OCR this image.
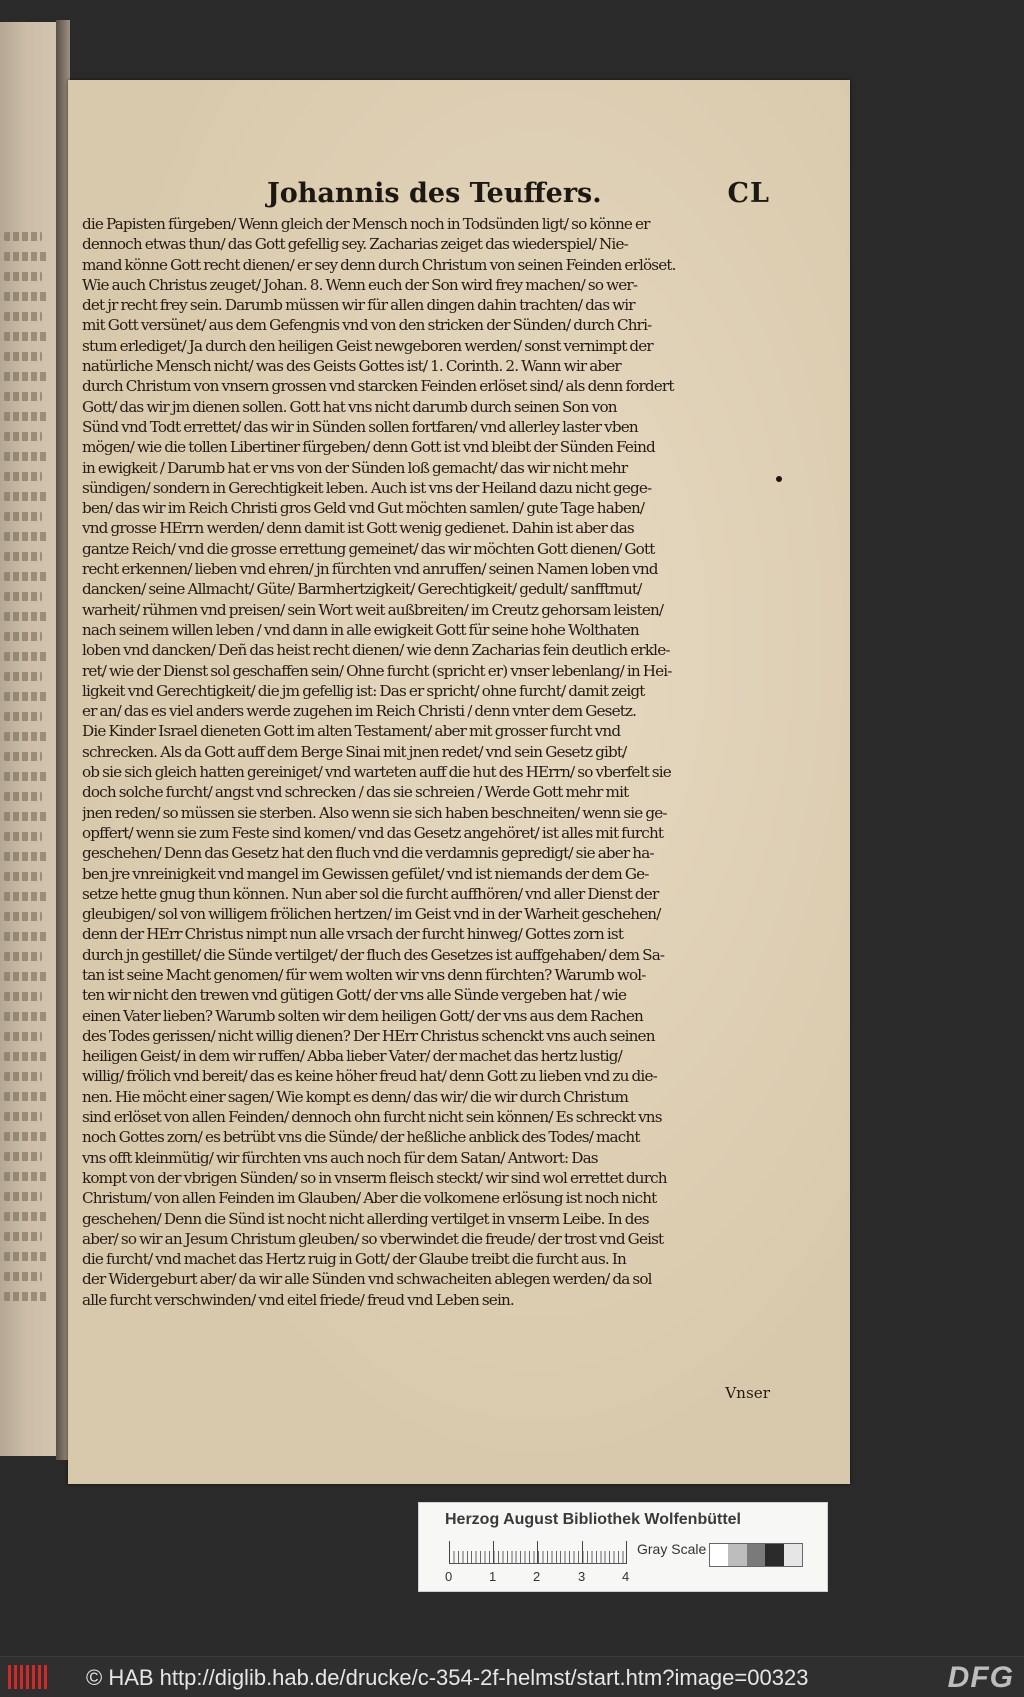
Johannis des Teuffers.	CL
die Papisten fürgeben/ Wenn gleich der Mensch noch in Todsünden ligt/ so könne er
dennoch etwas thun/ das Gott gefellig sey. Zacharias zeiget das wiederspiel/ Nie-
mand könne Gott recht dienen/ er sey denn durch Christum von seinen Feinden erlöset.
Wie auch Christus zeuget/ Johan. 8. Wenn euch der Son wird frey machen/ so wer-
det jr recht frey sein. Darumb müssen wir für allen dingen dahin trachten/ das wir
mit Gott versünet/ aus dem Gefengnis vnd von den stricken der Sünden/ durch Chri-
stum erlediget/ Ja durch den heiligen Geist newgeboren werden/ sonst vernimpt der
natürliche Mensch nicht/ was des Geists Gottes ist/ 1. Corinth. 2. Wann wir aber
durch Christum von vnsern grossen vnd starcken Feinden erlöset sind/ als denn fordert
Gott/ das wir jm dienen sollen. Gott hat vns nicht darumb durch seinen Son von
Sünd vnd Todt errettet/ das wir in Sünden sollen fortfaren/ vnd allerley laster vben
mögen/ wie die tollen Libertiner fürgeben/ denn Gott ist vnd bleibt der Sünden Feind
in ewigkeit / Darumb hat er vns von der Sünden loß gemacht/ das wir nicht mehr
sündigen/ sondern in Gerechtigkeit leben. Auch ist vns der Heiland dazu nicht gege-
ben/ das wir im Reich Christi gros Geld vnd Gut möchten samlen/ gute Tage haben/
vnd grosse HErrn werden/ denn damit ist Gott wenig gedienet. Dahin ist aber das
gantze Reich/ vnd die grosse errettung gemeinet/ das wir möchten Gott dienen/ Gott
recht erkennen/ lieben vnd ehren/ jn fürchten vnd anruffen/ seinen Namen loben vnd
dancken/ seine Allmacht/ Güte/ Barmhertzigkeit/ Gerechtigkeit/ gedult/ sanfftmut/
warheit/ rühmen vnd preisen/ sein Wort weit außbreiten/ im Creutz gehorsam leisten/
nach seinem willen leben / vnd dann in alle ewigkeit Gott für seine hohe Wolthaten
loben vnd dancken/ Deñ das heist recht dienen/ wie denn Zacharias fein deutlich erkle-
ret/ wie der Dienst sol geschaffen sein/ Ohne furcht (spricht er) vnser lebenlang/ in Hei-
ligkeit vnd Gerechtigkeit/ die jm gefellig ist: Das er spricht/ ohne furcht/ damit zeigt
er an/ das es viel anders werde zugehen im Reich Christi / denn vnter dem Gesetz.
Die Kinder Israel dieneten Gott im alten Testament/ aber mit grosser furcht vnd
schrecken. Als da Gott auff dem Berge Sinai mit jnen redet/ vnd sein Gesetz gibt/
ob sie sich gleich hatten gereiniget/ vnd warteten auff die hut des HErrn/ so vberfelt sie
doch solche furcht/ angst vnd schrecken / das sie schreien / Werde Gott mehr mit
jnen reden/ so müssen sie sterben. Also wenn sie sich haben beschneiten/ wenn sie ge-
opffert/ wenn sie zum Feste sind komen/ vnd das Gesetz angehöret/ ist alles mit furcht
geschehen/ Denn das Gesetz hat den fluch vnd die verdamnis gepredigt/ sie aber ha-
ben jre vnreinigkeit vnd mangel im Gewissen gefület/ vnd ist niemands der dem Ge-
setze hette gnug thun können. Nun aber sol die furcht auffhören/ vnd aller Dienst der
gleubigen/ sol von willigem frölichen hertzen/ im Geist vnd in der Warheit geschehen/
denn der HErr Christus nimpt nun alle vrsach der furcht hinweg/ Gottes zorn ist
durch jn gestillet/ die Sünde vertilget/ der fluch des Gesetzes ist auffgehaben/ dem Sa-
tan ist seine Macht genomen/ für wem wolten wir vns denn fürchten? Warumb wol-
ten wir nicht den trewen vnd gütigen Gott/ der vns alle Sünde vergeben hat / wie
einen Vater lieben? Warumb solten wir dem heiligen Gott/ der vns aus dem Rachen
des Todes gerissen/ nicht willig dienen? Der HErr Christus schenckt vns auch seinen
heiligen Geist/ in dem wir ruffen/ Abba lieber Vater/ der machet das hertz lustig/
willig/ frölich vnd bereit/ das es keine höher freud hat/ denn Gott zu lieben vnd zu die-
nen. Hie möcht einer sagen/ Wie kompt es denn/ das wir/ die wir durch Christum
sind erlöset von allen Feinden/ dennoch ohn furcht nicht sein können/ Es schreckt vns
noch Gottes zorn/ es betrübt vns die Sünde/ der heßliche anblick des Todes/ macht
vns offt kleinmütig/ wir fürchten vns auch noch für dem Satan/ Antwort: Das
kompt von der vbrigen Sünden/ so in vnserm fleisch steckt/ wir sind wol errettet durch
Christum/ von allen Feinden im Glauben/ Aber die volkomene erlösung ist noch nicht
geschehen/ Denn die Sünd ist nocht nicht allerding vertilget in vnserm Leibe. In des
aber/ so wir an Jesum Christum gleuben/ so vberwindet die freude/ der trost vnd Geist
die furcht/ vnd machet das Hertz ruig in Gott/ der Glaube treibt die furcht aus. In
der Widergeburt aber/ da wir alle Sünden vnd schwacheiten ablegen werden/ da sol
alle furcht verschwinden/ vnd eitel friede/ freud vnd Leben sein.
Vnser
Herzog August Bibliothek Wolfenbüttel
0	1	2	3	4
Gray Scale
© HAB http://diglib.hab.de/drucke/c-354-2f-helmst/start.htm?image=00323	DFG
